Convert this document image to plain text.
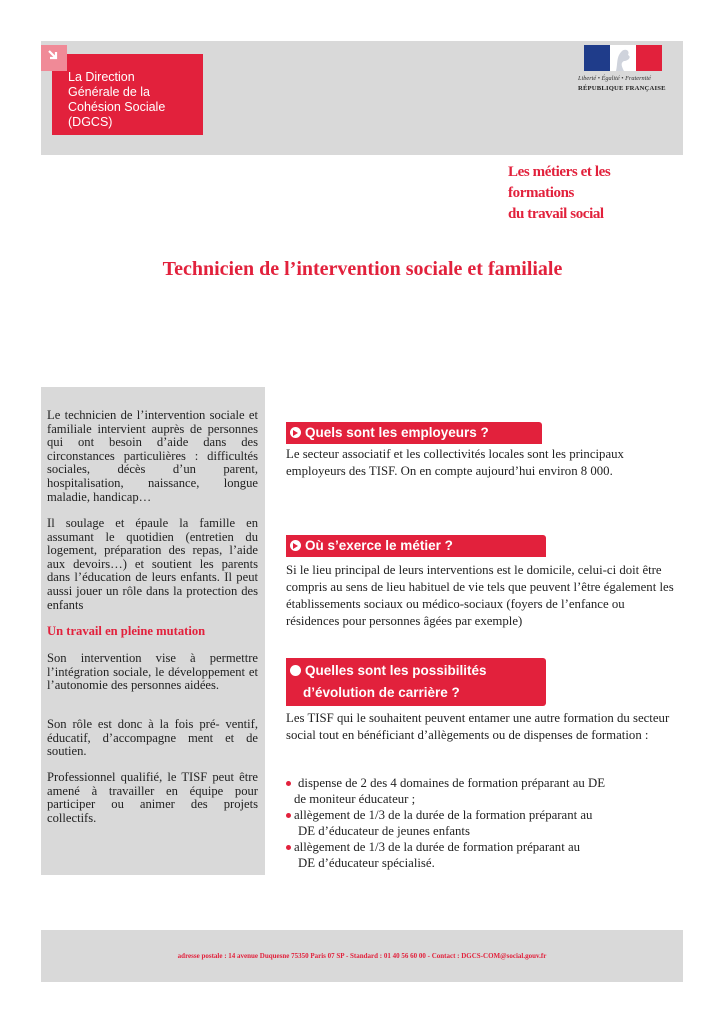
La Direction
Générale de la
Cohésion Sociale
(DGCS)
Liberté • Égalité • Fraternité
RÉPUBLIQUE FRANÇAISE
Les métiers et les formations
du travail social
Technicien de l’intervention sociale et familiale
Le technicien de l’intervention sociale et familiale intervient auprès de personnes qui ont besoin d’aide dans des circonstances particulières : difficultés sociales, décès d’un parent, hospitalisation, naissance, longue maladie, handicap…
Il soulage et épaule la famille en assumant le quotidien (entretien du logement, préparation des repas, l’aide aux devoirs…) et soutient les parents dans l’éducation de leurs enfants. Il peut aussi jouer un rôle dans la protection des enfants
Un travail en pleine mutation
Son intervention vise à permettre l’intégration sociale, le développement et l’autonomie des personnes aidées.
Son rôle est donc à la fois pré- ventif, éducatif, d’accompagne ment et de soutien.
Professionnel qualifié, le TISF peut être amené à travailler en équipe pour participer ou animer des projets collectifs.
Quels sont les employeurs ?
Le secteur associatif et les collectivités locales sont les principaux employeurs des TISF. On en compte aujourd’hui environ 8 000.
Où s’exerce le métier ?
Si le lieu principal de leurs interventions est le domicile, celui-ci doit être compris au sens de lieu habituel de vie tels que peuvent l’être également les établissements sociaux ou médico-sociaux (foyers de l’enfance ou résidences pour personnes âgées par exemple)
Quelles sont les possibilités
d’évolution de carrière ?
Les TISF qui le souhaitent peuvent entamer une autre formation du secteur social tout en bénéficiant d’allègements ou de dispenses de formation :
dispense de 2 des 4 domaines de formation préparant au DE
de moniteur éducateur ;
allègement de 1/3 de la durée de la formation préparant au
DE d’éducateur de jeunes enfants
allègement de 1/3 de la durée de formation préparant au
DE d’éducateur spécialisé.
adresse postale : 14 avenue Duquesne 75350 Paris 07 SP - Standard : 01 40 56 60 00 - Contact : DGCS-COM@social.gouv.fr
